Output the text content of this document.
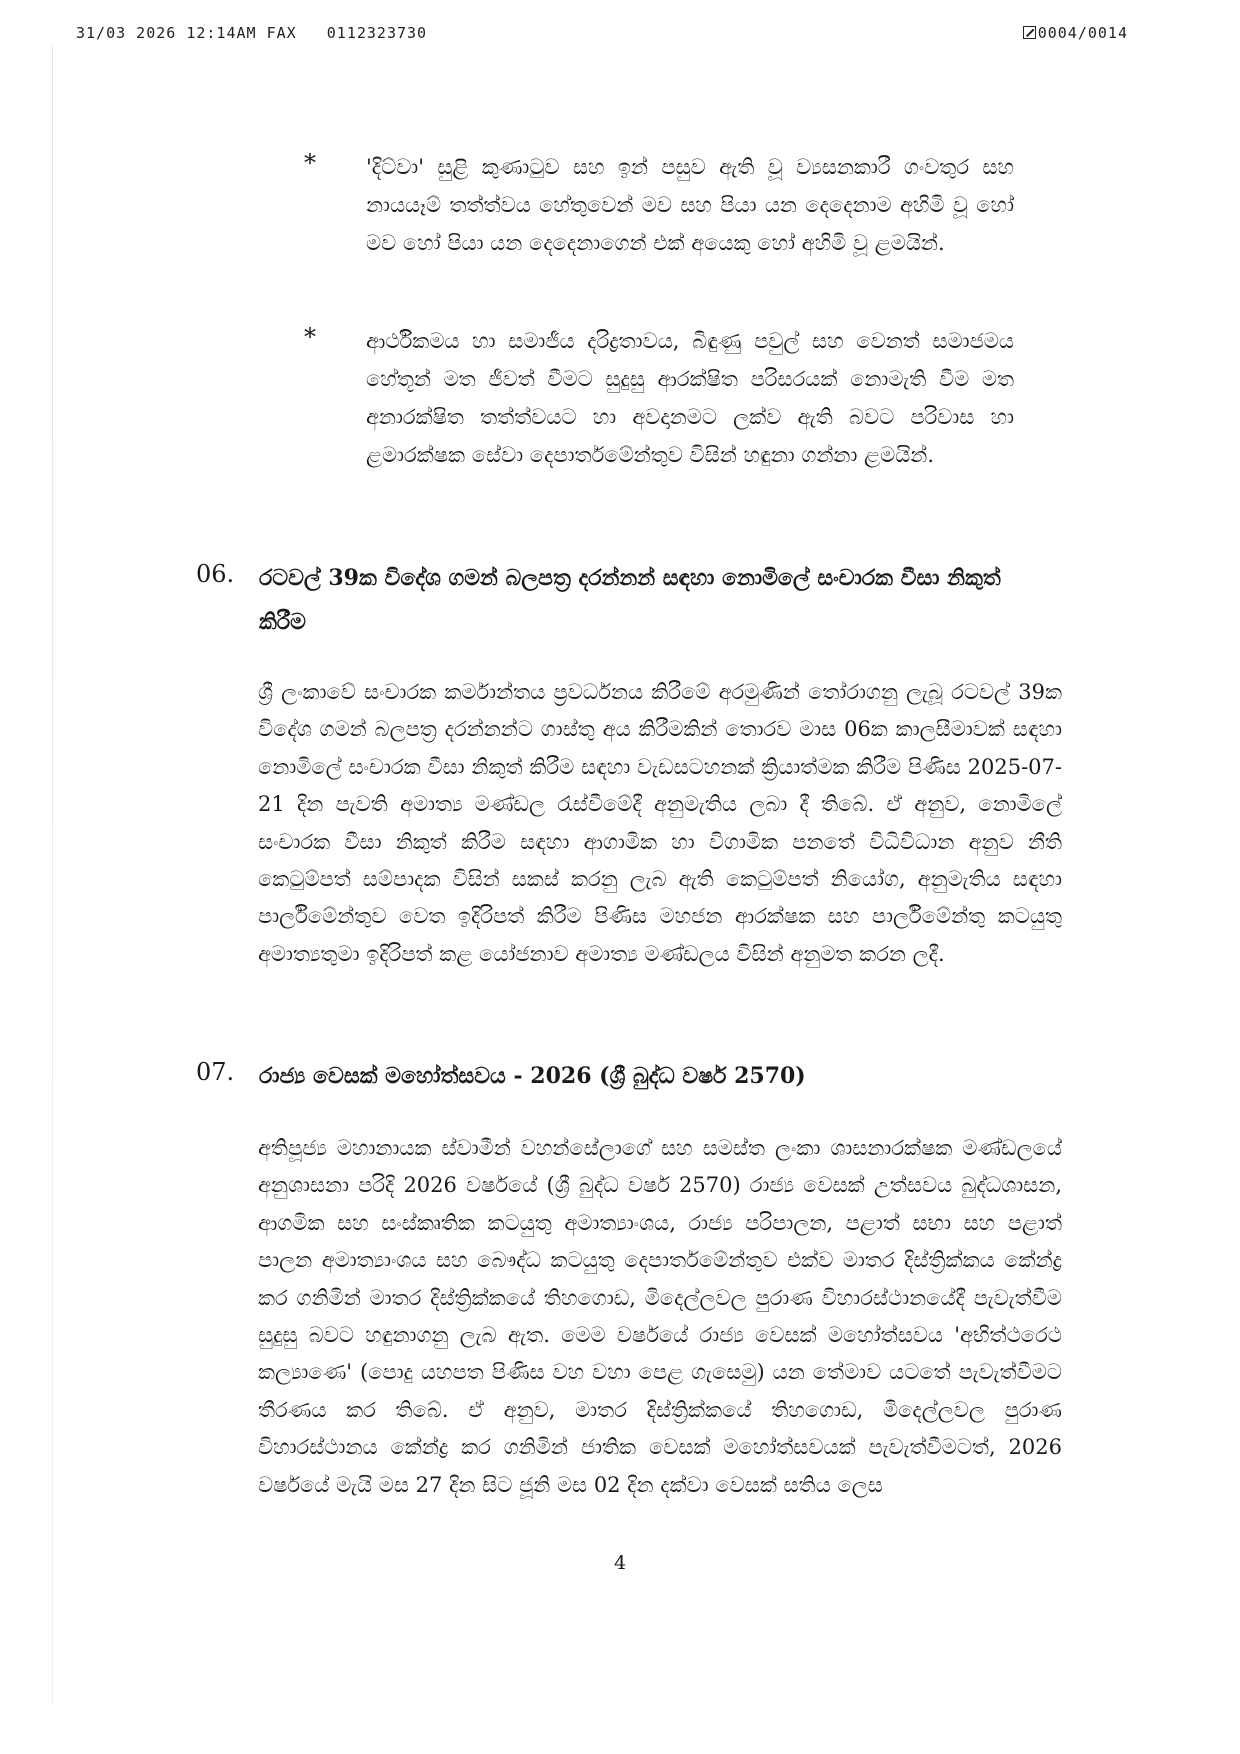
31/03 2026 12:14AM FAX 0112323730	0004/0014
* 'දිට්වා' සුළි කුණාටුව සහ ඉන් පසුව ඇති වූ ව්‍යසනකාරී ගංවතුර සහ නායයෑම් තත්ත්වය හේතුවෙන් මව සහ පියා යන දෙදෙනාම අහිමි වූ හෝ මව හෝ පියා යන දෙදෙනාගෙන් එක් අයෙකු හෝ අහිමි වූ ළමයින්.
* ආර්ථිකමය හා සමාජීය දරිද්‍රතාවය, බිඳුණු පවුල් සහ වෙනත් සමාජමය හේතූන් මත ජීවත් වීමට සුදුසු ආරක්ෂිත පරිසරයක් නොමැති වීම මත අනාරක්ෂිත තත්ත්වයට හා අවදානමට ලක්ව ඇති බවට පරිවාස හා ළමාරක්ෂක සේවා දෙපාර්තමේන්තුව විසින් හඳුනා ගන්නා ළමයින්.
06. රටවල් 39ක විදේශ ගමන් බලපත්‍ර දරන්නන් සඳහා නොමිලේ සංචාරක වීසා නිකුත් කිරීම
ශ්‍රී ලංකාවේ සංචාරක කර්මාන්තය ප්‍රවර්ධනය කිරීමේ අරමුණින් තෝරාගනු ලැබූ රටවල් 39ක විදේශ ගමන් බලපත්‍ර දරන්නන්ට ගාස්තු අය කිරීමකින් තොරව මාස 06ක කාලසීමාවක් සඳහා නොමිලේ සංචාරක වීසා නිකුත් කිරීම සඳහා වැඩසටහනක් ක්‍රියාත්මක කිරීම පිණිස 2025-07-21 දින පැවති අමාත්‍ය මණ්ඩල රැස්වීමේදී අනුමැතිය ලබා දී තිබේ. ඒ අනුව, නොමිලේ සංචාරක වීසා නිකුත් කිරීම සඳහා ආගාමික හා විගාමික පනතේ විධිවිධාන අනුව නීති කෙටුම්පත් සම්පාදක විසින් සකස් කරනු ලැබ ඇති කෙටුම්පත් නියෝග, අනුමැතිය සඳහා පාර්ලිමේන්තුව වෙත ඉදිරිපත් කිරීම පිණිස මහජන ආරක්ෂක සහ පාර්ලිමේන්තු කටයුතු අමාත්‍යතුමා ඉදිරිපත් කළ යෝජනාව අමාත්‍ය මණ්ඩලය විසින් අනුමත කරන ලදී.
07. රාජ්‍ය වෙසක් මහෝත්සවය - 2026 (ශ්‍රී බුද්ධ වර්ෂ 2570)
අතිපූජ්‍ය මහානායක ස්වාමීන් වහන්සේලාගේ සහ සමස්ත ලංකා ශාසනාරක්ෂක මණ්ඩලයේ අනුශාසනා පරිදි 2026 වර්ෂයේ (ශ්‍රී බුද්ධ වර්ෂ 2570) රාජ්‍ය වෙසක් උත්සවය බුද්ධශාසන, ආගමික සහ සංස්කෘතික කටයුතු අමාත්‍යාංශය, රාජ්‍ය පරිපාලන, පළාත් සභා සහ පළාත් පාලන අමාත්‍යාංශය සහ බෞද්ධ කටයුතු දෙපාර්තමේන්තුව එක්ව මාතර දිස්ත්‍රික්කය කේන්ද්‍ර කර ගනිමින් මාතර දිස්ත්‍රික්කයේ තිහගොඩ, මිදෙල්ලවල පුරාණ විහාරස්ථානයේදී පැවැත්වීම සුදුසු බවට හඳුනාගනු ලැබ ඇත. මෙම වර්ෂයේ රාජ්‍ය වෙසක් මහෝත්සවය 'අභිත්ථරෙථ කල්‍යාණෙ' (පොදු යහපත පිණිස වහ වහා පෙළ ගැසෙමු) යන තේමාව යටතේ පැවැත්වීමට තීරණය කර තිබේ. ඒ අනුව, මාතර දිස්ත්‍රික්කයේ තිහගොඩ, මිදෙල්ලවල පුරාණ විහාරස්ථානය කේන්ද්‍ර කර ගනිමින් ජාතික වෙසක් මහෝත්සවයක් පැවැත්වීමටත්, 2026 වර්ෂයේ මැයි මස 27 දින සිට ජූනි මස 02 දින දක්වා වෙසක් සතිය ලෙස
4
